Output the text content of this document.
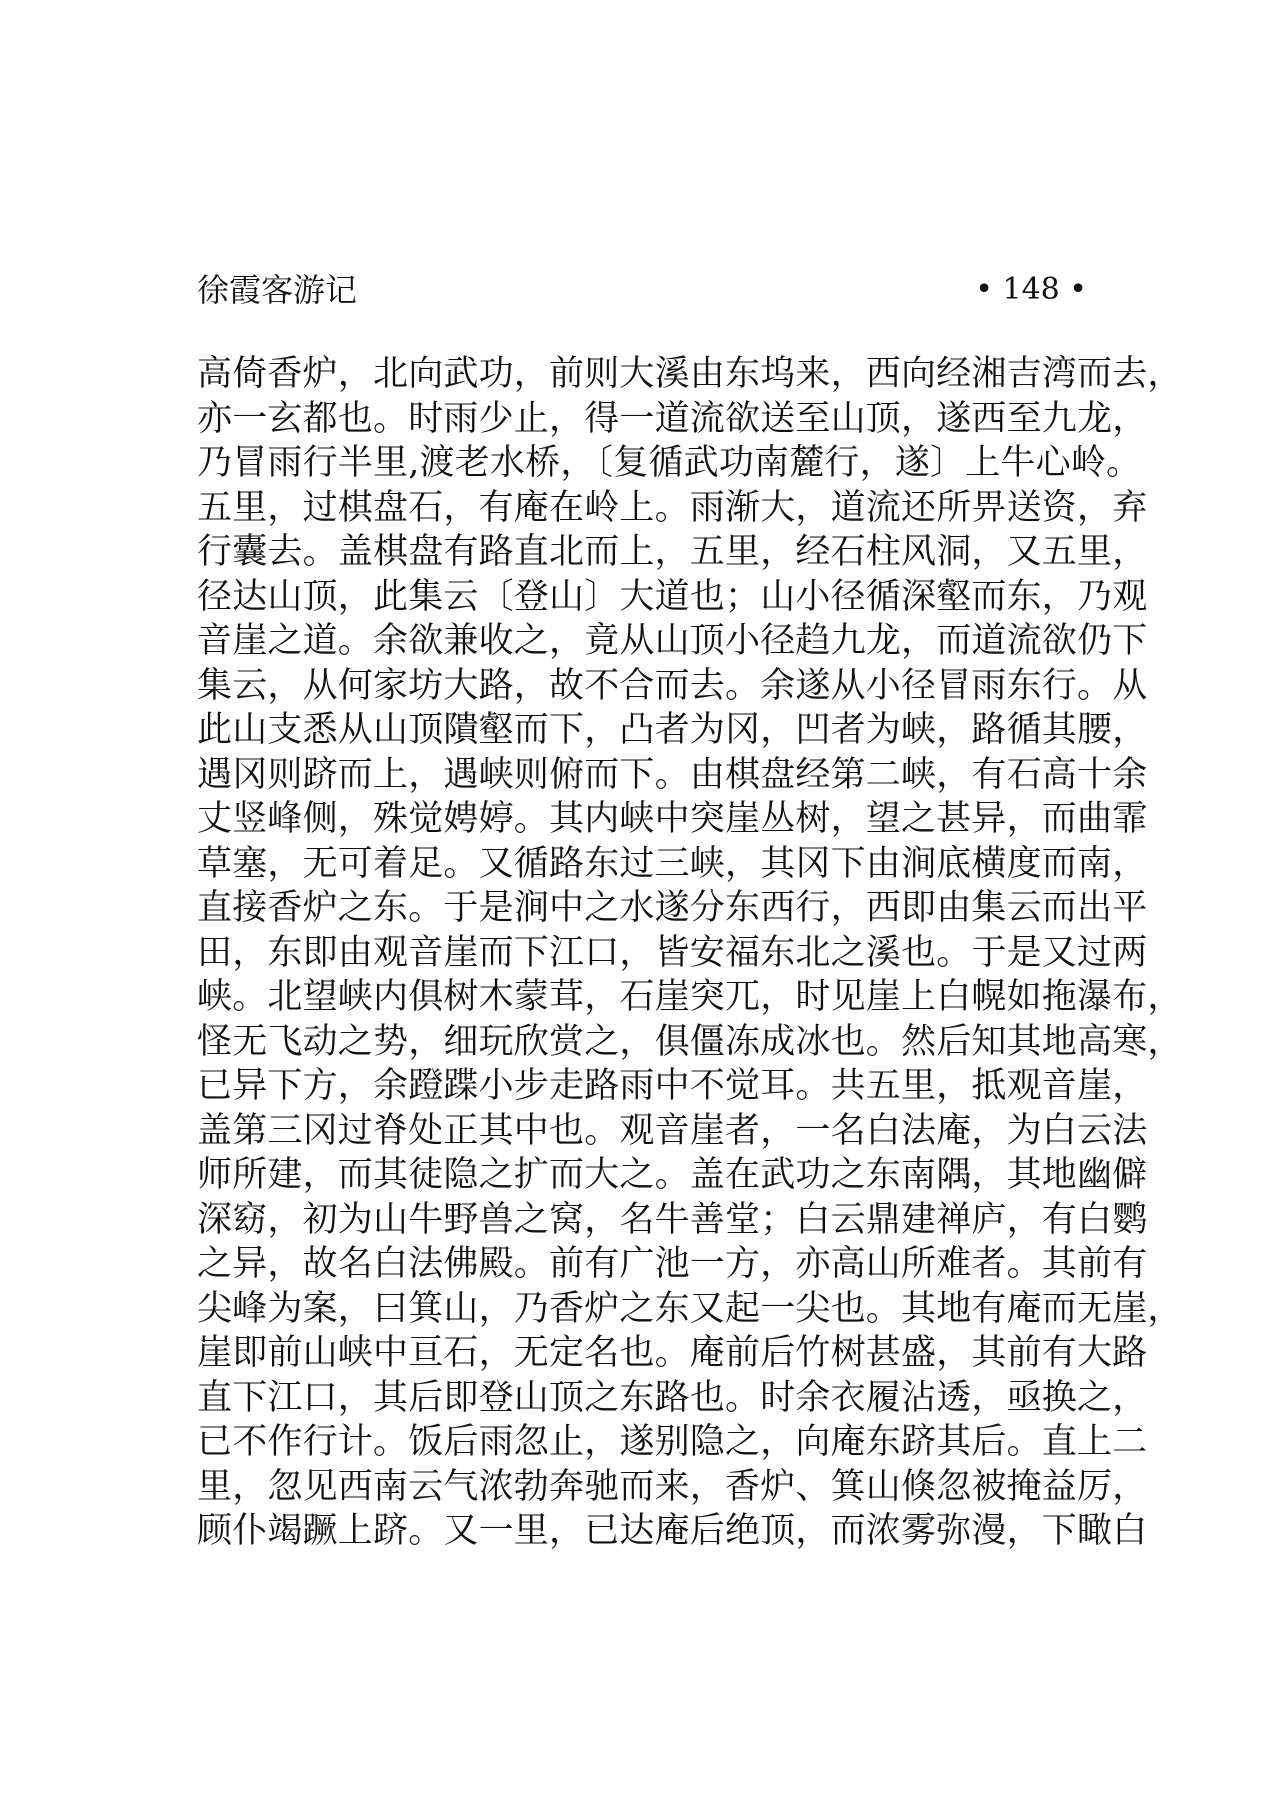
徐霞客游记	• 148 •
高倚香炉，北向武功，前则大溪由东坞来，西向经湘吉湾而去，
亦一玄都也。时雨少止，得一道流欲送至山顶，遂西至九龙，
乃冒雨行半里,渡老水桥，〔复循武功南麓行，遂〕上牛心岭。
五里，过棋盘石，有庵在岭上。雨渐大，道流还所畀送资，弃
行囊去。盖棋盘有路直北而上，五里，经石柱风洞，又五里，
径达山顶，此集云〔登山〕大道也；山小径循深壑而东，乃观
音崖之道。余欲兼收之，竟从山顶小径趋九龙，而道流欲仍下
集云，从何家坊大路，故不合而去。余遂从小径冒雨东行。从
此山支悉从山顶隤壑而下，凸者为冈，凹者为峡，路循其腰，
遇冈则跻而上，遇峡则俯而下。由棋盘经第二峡，有石高十余
丈竖峰侧，殊觉娉婷。其内峡中突崖丛树，望之甚异，而曲霏
草塞，无可着足。又循路东过三峡，其冈下由涧底横度而南，
直接香炉之东。于是涧中之水遂分东西行，西即由集云而出平
田，东即由观音崖而下江口，皆安福东北之溪也。于是又过两
峡。北望峡内俱树木蒙茸，石崖突兀，时见崖上白幌如拖瀑布，
怪无飞动之势，细玩欣赏之，俱僵冻成冰也。然后知其地高寒，
已异下方，余蹬蹀小步走路雨中不觉耳。共五里，抵观音崖，
盖第三冈过脊处正其中也。观音崖者，一名白法庵，为白云法
师所建，而其徒隐之扩而大之。盖在武功之东南隅，其地幽僻
深窈，初为山牛野兽之窝，名牛善堂；白云鼎建禅庐，有白鹦
之异，故名白法佛殿。前有广池一方，亦高山所难者。其前有
尖峰为案，曰箕山，乃香炉之东又起一尖也。其地有庵而无崖，
崖即前山峡中亘石，无定名也。庵前后竹树甚盛，其前有大路
直下江口，其后即登山顶之东路也。时余衣履沾透，亟换之，
已不作行计。饭后雨忽止，遂别隐之，向庵东跻其后。直上二
里，忽见西南云气浓勃奔驰而来，香炉、箕山倏忽被掩益厉，
顾仆竭蹶上跻。又一里，已达庵后绝顶，而浓雾弥漫，下瞰白
